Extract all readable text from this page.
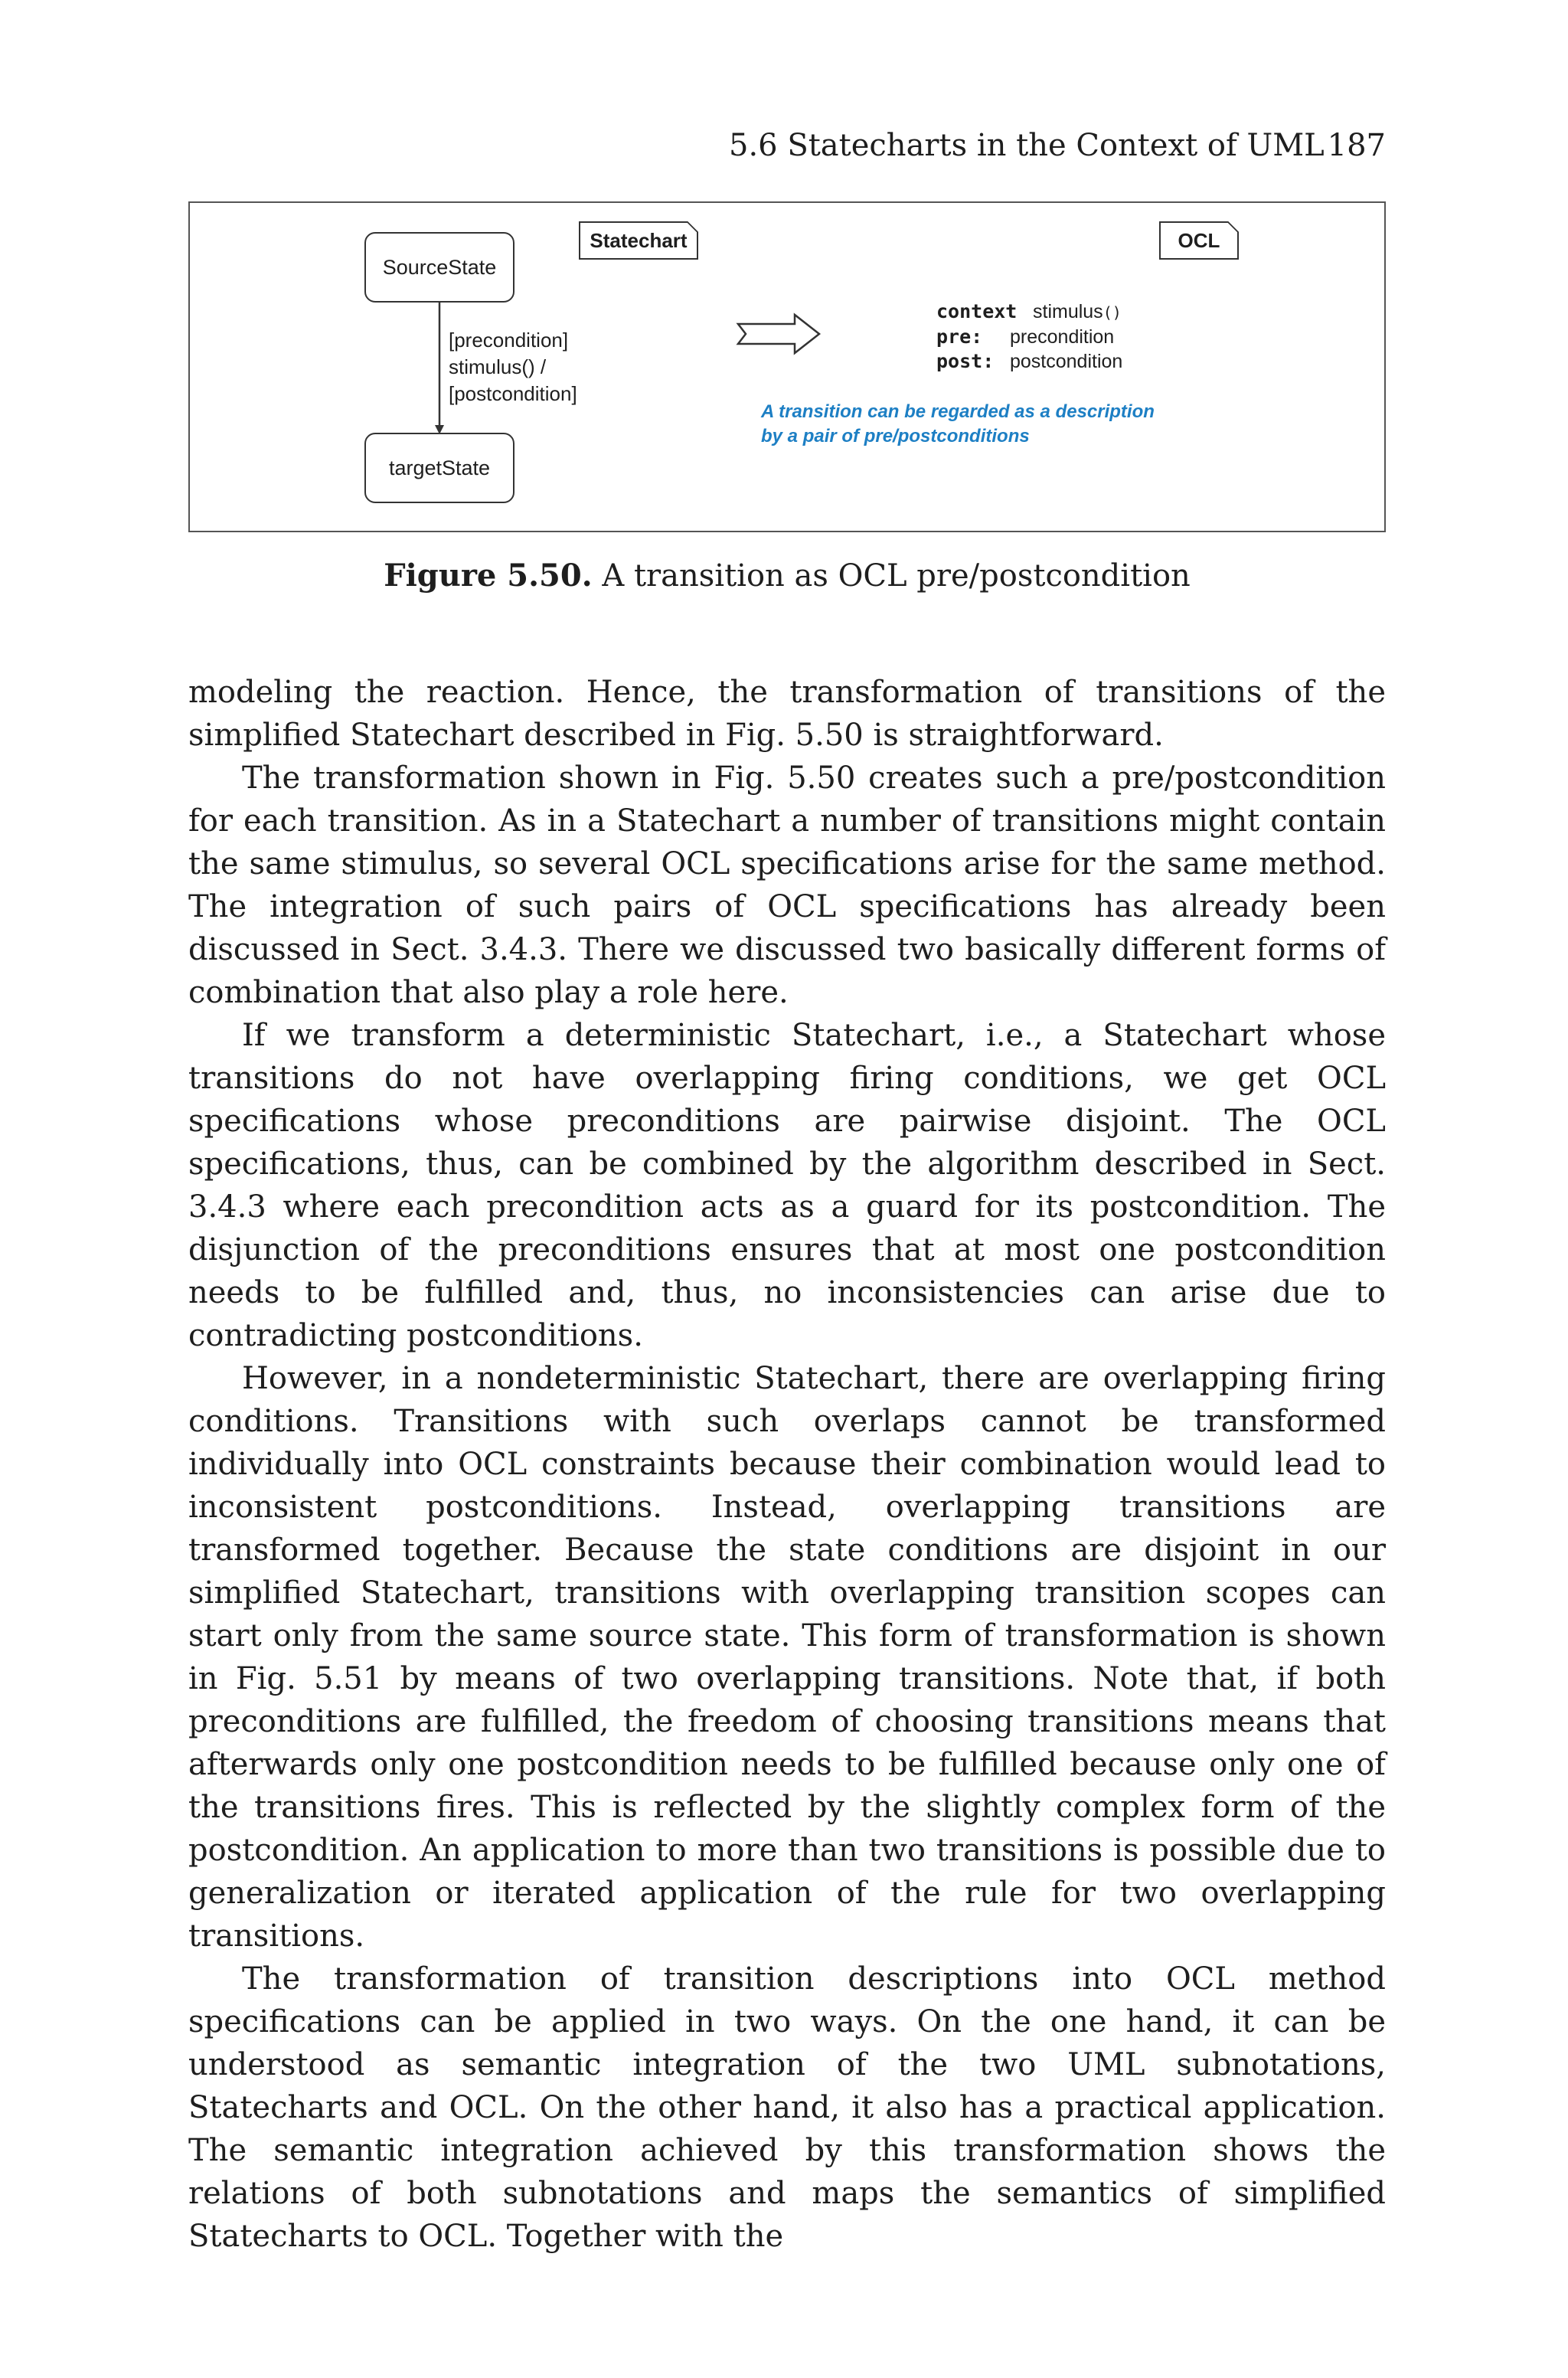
5.6 Statecharts in the Context of UML 187
SourceState
targetState
Statechart	OCL
[precondition]
stimulus() /
[postcondition]
context stimulus()
pre: precondition
post: postcondition
A transition can be regarded as a description
by a pair of pre/postconditions
Figure 5.50. A transition as OCL pre/postcondition

modeling the reaction. Hence, the transformation of transitions of the simplified Statechart described in Fig. 5.50 is straightforward.

The transformation shown in Fig. 5.50 creates such a pre/postcondition for each transition. As in a Statechart a number of transitions might contain the same stimulus, so several OCL specifications arise for the same method. The integration of such pairs of OCL specifications has already been discussed in Sect. 3.4.3. There we discussed two basically different forms of combination that also play a role here.

If we transform a deterministic Statechart, i.e., a Statechart whose transitions do not have overlapping firing conditions, we get OCL specifications whose preconditions are pairwise disjoint. The OCL specifications, thus, can be combined by the algorithm described in Sect. 3.4.3 where each precondition acts as a guard for its postcondition. The disjunction of the preconditions ensures that at most one postcondition needs to be fulfilled and, thus, no inconsistencies can arise due to contradicting postconditions.

However, in a nondeterministic Statechart, there are overlapping firing conditions. Transitions with such overlaps cannot be transformed individually into OCL constraints because their combination would lead to inconsistent postconditions. Instead, overlapping transitions are transformed together. Because the state conditions are disjoint in our simplified Statechart, transitions with overlapping transition scopes can start only from the same source state. This form of transformation is shown in Fig. 5.51 by means of two overlapping transitions. Note that, if both preconditions are fulfilled, the freedom of choosing transitions means that afterwards only one postcondition needs to be fulfilled because only one of the transitions fires. This is reflected by the slightly complex form of the postcondition. An application to more than two transitions is possible due to generalization or iterated application of the rule for two overlapping transitions.

The transformation of transition descriptions into OCL method specifications can be applied in two ways. On the one hand, it can be understood as semantic integration of the two UML subnotations, Statecharts and OCL. On the other hand, it also has a practical application. The semantic integration achieved by this transformation shows the relations of both subnotations and maps the semantics of simplified Statecharts to OCL. Together with the
